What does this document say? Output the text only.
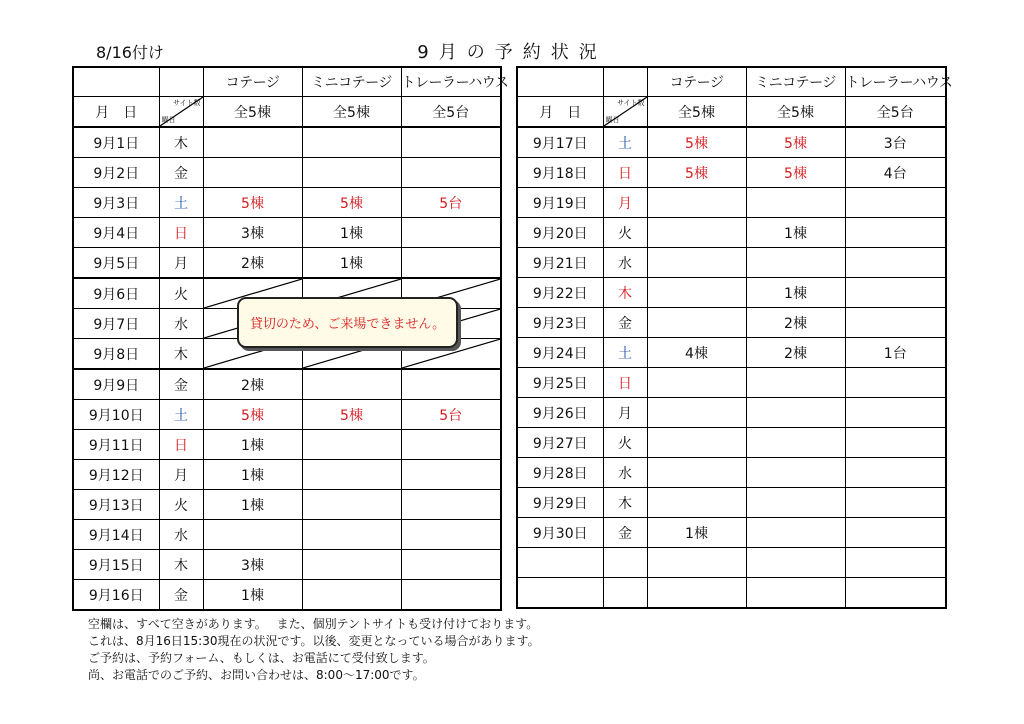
8/16付け	9月の予約状況
		コテージ	ミニコテージ	トレーラーハウス
月　日	サイト数
曜日	全5棟	全5棟	全5台
9月1日	木			
9月2日	金			
9月3日	土	5棟	5棟	5台
9月4日	日	3棟	1棟	
9月5日	月	2棟	1棟	
9月6日	火	

9月7日	水	

9月8日	木	

9月9日	金	2棟		
9月10日	土	5棟	5棟	5台
9月11日	日	1棟		
9月12日	月	1棟		
9月13日	火	1棟		
9月14日	水			
9月15日	木	3棟		
9月16日	金	1棟		
		コテージ	ミニコテージ	トレーラーハウス
月　日	サイト数
曜日	全5棟	全5棟	全5台
9月17日	土	5棟	5棟	3台
9月18日	日	5棟	5棟	4台
9月19日	月			
9月20日	火		1棟	
9月21日	水			
9月22日	木		1棟	
9月23日	金		2棟	
9月24日	土	4棟	2棟	1台
9月25日	日			
9月26日	月			
9月27日	火			
9月28日	水			
9月29日	木			
9月30日	金	1棟		

貸切のため、ご来場できません。
空欄は、すべて空きがあります。　 また、個別テントサイトも受け付けております。
これは、8月16日15:30現在の状況です。以後、変更となっている場合があります。
ご予約は、予約フォーム、もしくは、お電話にて受付致します。
尚、お電話でのご予約、お問い合わせは、8:00～17:00です。
